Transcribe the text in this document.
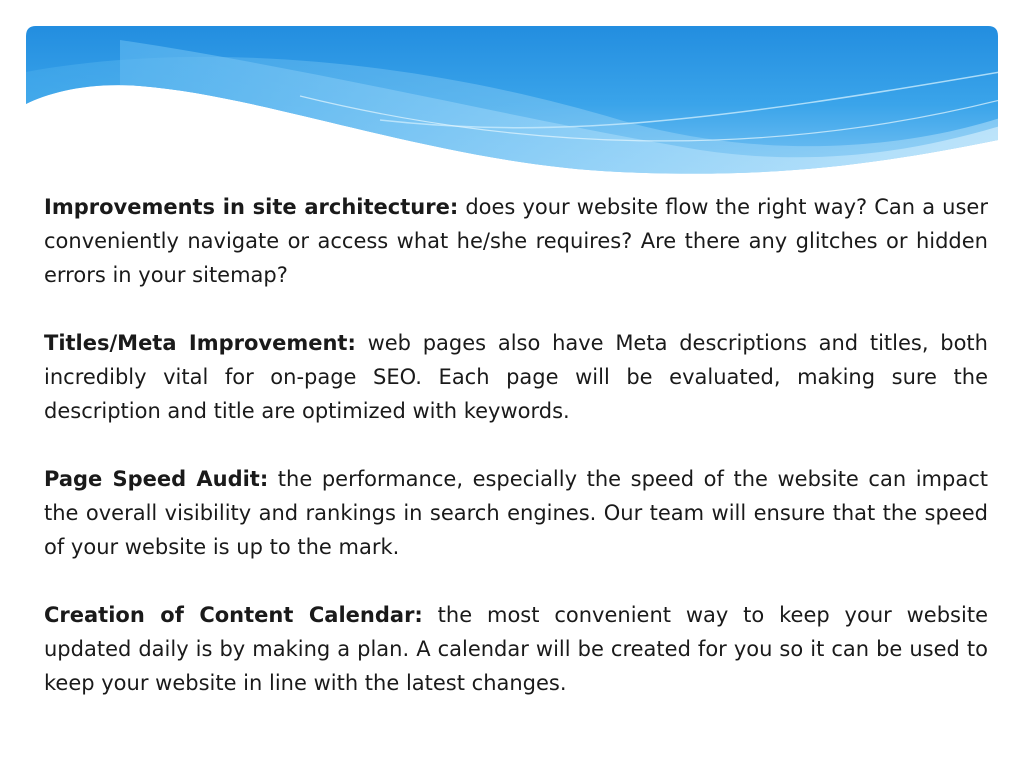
Improvements in site architecture: does your website flow the right way? Can a user conveniently navigate or access what he/she requires? Are there any glitches or hidden errors in your sitemap?

Titles/Meta Improvement: web pages also have Meta descriptions and titles, both incredibly vital for on-page SEO. Each page will be evaluated, making sure the description and title are optimized with keywords.

Page Speed Audit: the performance, especially the speed of the website can impact the overall visibility and rankings in search engines. Our team will ensure that the speed of your website is up to the mark.

Creation of Content Calendar: the most convenient way to keep your website updated daily is by making a plan. A calendar will be created for you so it can be used to keep your website in line with the latest changes.
